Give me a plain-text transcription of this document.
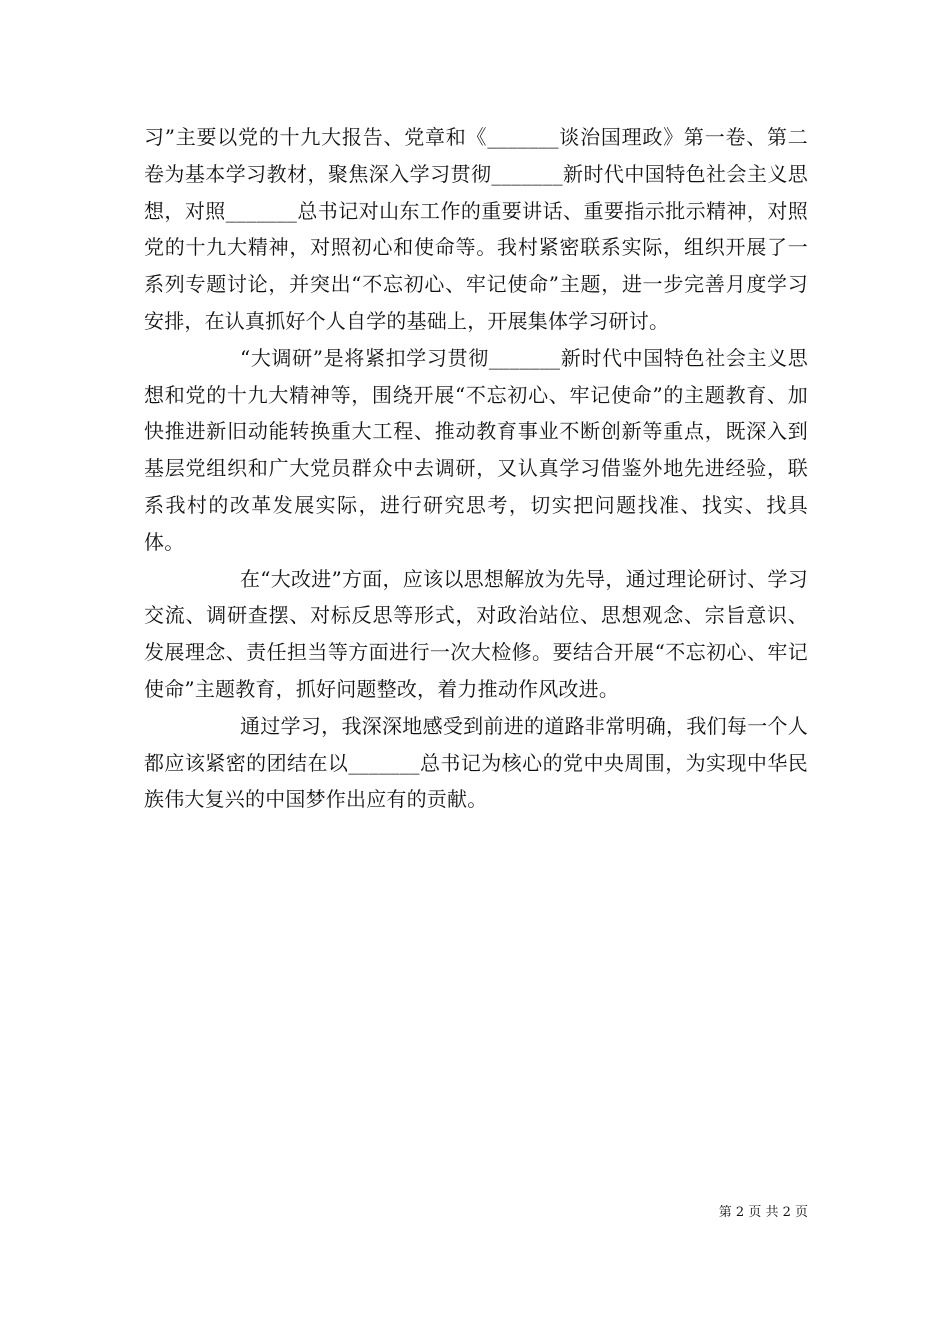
习”主要以党的十九大报告、党章和《_______谈治国理政》第一卷、第二卷为基本学习教材，聚焦深入学习贯彻_______新时代中国特色社会主义思想，对照_______总书记对山东工作的重要讲话、重要指示批示精神，对照党的十九大精神，对照初心和使命等。我村紧密联系实际，组织开展了一系列专题讨论，并突出“不忘初心、牢记使命”主题，进一步完善月度学习安排，在认真抓好个人自学的基础上，开展集体学习研讨。

“大调研”是将紧扣学习贯彻_______新时代中国特色社会主义思想和党的十九大精神等，围绕开展“不忘初心、牢记使命”的主题教育、加快推进新旧动能转换重大工程、推动教育事业不断创新等重点，既深入到基层党组织和广大党员群众中去调研，又认真学习借鉴外地先进经验，联系我村的改革发展实际，进行研究思考，切实把问题找准、找实、找具体。

在“大改进”方面，应该以思想解放为先导，通过理论研讨、学习交流、调研查摆、对标反思等形式，对政治站位、思想观念、宗旨意识、发展理念、责任担当等方面进行一次大检修。要结合开展“不忘初心、牢记使命”主题教育，抓好问题整改，着力推动作风改进。

通过学习，我深深地感受到前进的道路非常明确，我们每一个人都应该紧密的团结在以_______总书记为核心的党中央周围，为实现中华民族伟大复兴的中国梦作出应有的贡献。

第 2 页 共 2 页
